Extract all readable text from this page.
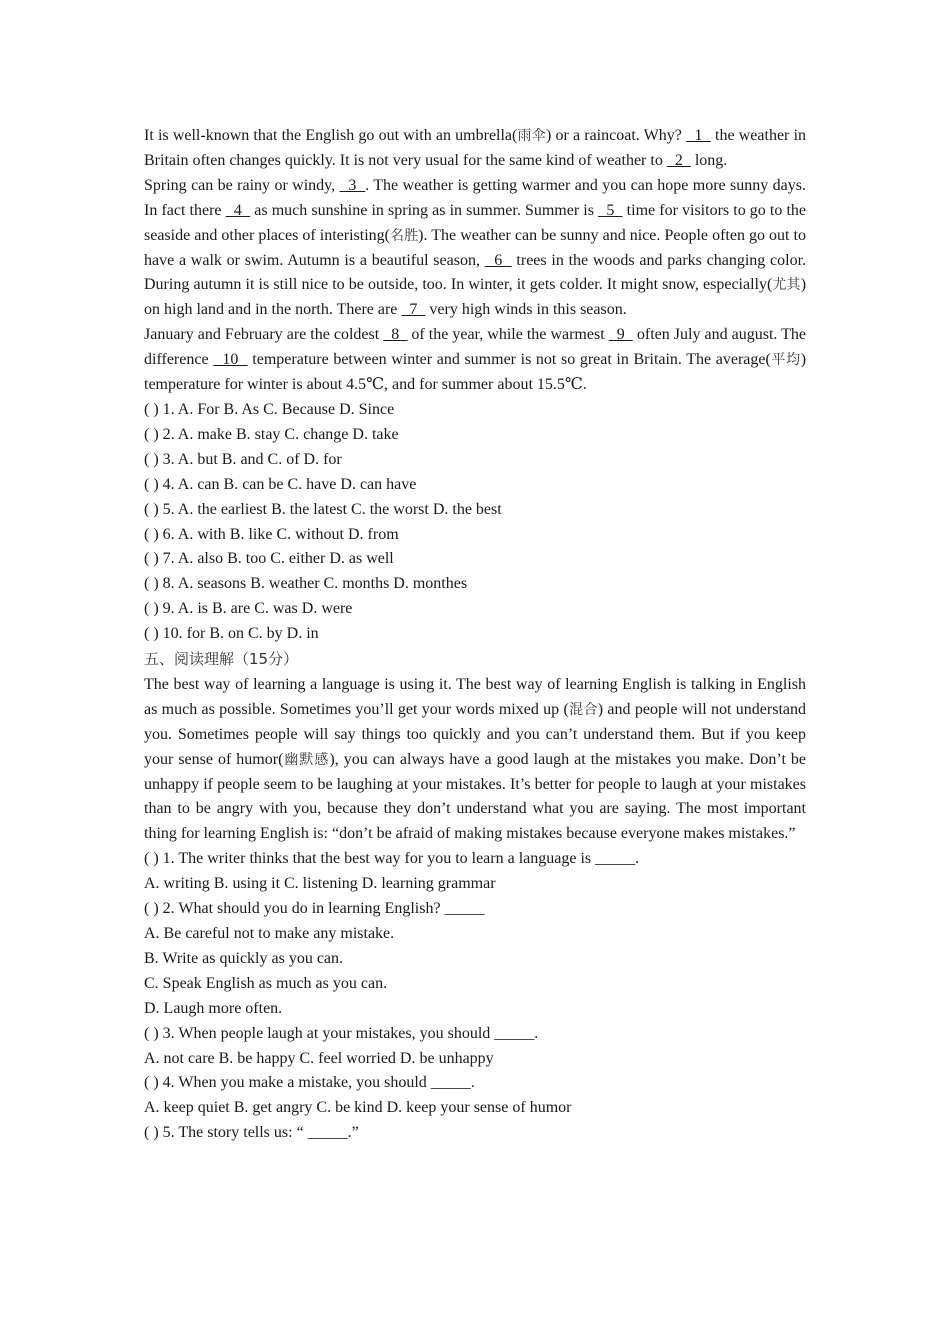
It is well-known that the English go out with an umbrella(雨伞) or a raincoat. Why?   1   the weather in Britain often changes quickly. It is not very usual for the same kind of weather to   2   long.

Spring can be rainy or windy,   3  . The weather is getting warmer and you can hope more sunny days. In fact there   4   as much sunshine in spring as in summer. Summer is   5   time for visitors to go to the seaside and other places of interisting(名胜). The weather can be sunny and nice. People often go out to have a walk or swim. Autumn is a beautiful season,   6   trees in the woods and parks changing color. During autumn it is still nice to be outside, too. In winter, it gets colder. It might snow, especially(尤其) on high land and in the north. There are   7   very high winds in this season.

January and February are the coldest   8   of the year, while the warmest   9   often July and august. The difference   10   temperature between winter and summer is not so great in Britain. The average(平均) temperature for winter is about 4.5℃, and for summer about 15.5℃.

( ) 1. A. For B. As C. Because D. Since

( ) 2. A. make B. stay C. change D. take

( ) 3. A. but B. and C. of D. for

( ) 4. A. can B. can be C. have D. can have

( ) 5. A. the earliest B. the latest C. the worst D. the best

( ) 6. A. with B. like C. without D. from

( ) 7. A. also B. too C. either D. as well

( ) 8. A. seasons B. weather C. months D. monthes

( ) 9. A. is B. are C. was D. were

( ) 10. for B. on C. by D. in

五、阅读理解（15分）

The best way of learning a language is using it. The best way of learning English is talking in English as much as possible. Sometimes you’ll get your words mixed up (混合) and people will not understand you. Sometimes people will say things too quickly and you can’t understand them. But if you keep your sense of humor(幽默感), you can always have a good laugh at the mistakes you make. Don’t be unhappy if people seem to be laughing at your mistakes. It’s better for people to laugh at your mistakes than to be angry with you, because they don’t understand what you are saying. The most important thing for learning English is: “don’t be afraid of making mistakes because everyone makes mistakes.”

( ) 1. The writer thinks that the best way for you to learn a language is _____.

A. writing B. using it C. listening D. learning grammar

( ) 2. What should you do in learning English? _____

A. Be careful not to make any mistake.

B. Write as quickly as you can.

C. Speak English as much as you can.

D. Laugh more often.

( ) 3. When people laugh at your mistakes, you should _____.

A. not care B. be happy C. feel worried D. be unhappy

( ) 4. When you make a mistake, you should _____.

A. keep quiet B. get angry C. be kind D. keep your sense of humor

( ) 5. The story tells us: “ _____.”
